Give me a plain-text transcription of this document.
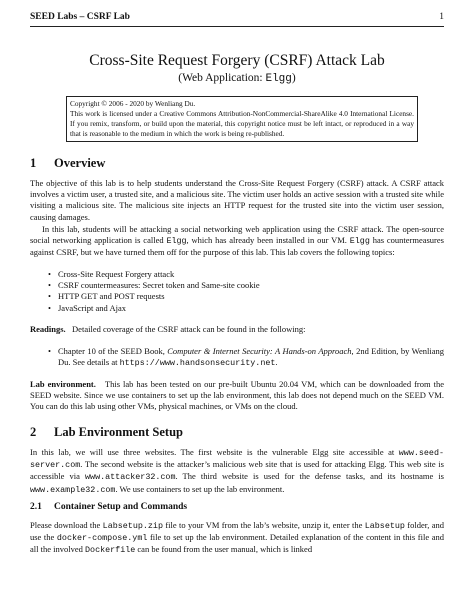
SEED Labs – CSRF Lab	1
Cross-Site Request Forgery (CSRF) Attack Lab
(Web Application: Elgg)
Copyright © 2006 - 2020 by Wenliang Du.
This work is licensed under a Creative Commons Attribution-NonCommercial-ShareAlike 4.0 International License. If you remix, transform, or build upon the material, this copyright notice must be left intact, or reproduced in a way that is reasonable to the medium in which the work is being re-published.
1 Overview

The objective of this lab is to help students understand the Cross-Site Request Forgery (CSRF) attack. A CSRF attack involves a victim user, a trusted site, and a malicious site. The victim user holds an active session with a trusted site while visiting a malicious site. The malicious site injects an HTTP request for the trusted site into the victim user session, causing damages.

In this lab, students will be attacking a social networking web application using the CSRF attack. The open-source social networking application is called Elgg, which has already been installed in our VM. Elgg has countermeasures against CSRF, but we have turned them off for the purpose of this lab. This lab covers the following topics:

• Cross-Site Request Forgery attack
• CSRF countermeasures: Secret token and Same-site cookie
• HTTP GET and POST requests
• JavaScript and Ajax

Readings. Detailed coverage of the CSRF attack can be found in the following:

• Chapter 10 of the SEED Book, Computer & Internet Security: A Hands-on Approach, 2nd Edition, by Wenliang Du. See details at https://www.handsonsecurity.net.

Lab environment. This lab has been tested on our pre-built Ubuntu 20.04 VM, which can be downloaded from the SEED website. Since we use containers to set up the lab environment, this lab does not depend much on the SEED VM. You can do this lab using other VMs, physical machines, or VMs on the cloud.

2 Lab Environment Setup

In this lab, we will use three websites. The first website is the vulnerable Elgg site accessible at www.seed-server.com. The second website is the attacker’s malicious web site that is used for attacking Elgg. This web site is accessible via www.attacker32.com. The third website is used for the defense tasks, and its hostname is www.example32.com. We use containers to set up the lab environment.

2.1 Container Setup and Commands

Please download the Labsetup.zip file to your VM from the lab’s website, unzip it, enter the Labsetup folder, and use the docker-compose.yml file to set up the lab environment. Detailed explanation of the content in this file and all the involved Dockerfile can be found from the user manual, which is linked
